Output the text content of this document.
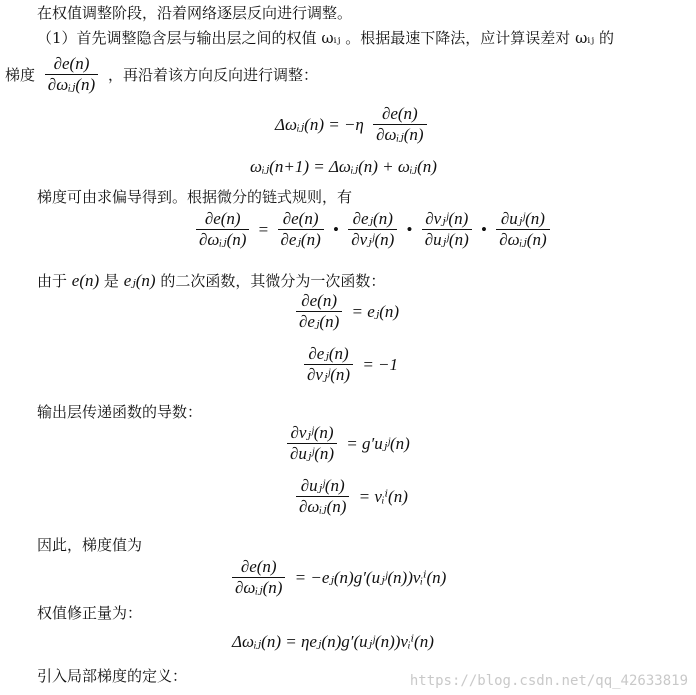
在权值调整阶段，沿着网络逐层反向进行调整。
（1）首先调整隐含层与输出层之间的权值 ωᵢⱼ 。根据最速下降法，应计算误差对 ωᵢⱼ 的
梯度 $\frac{\partial e(n)}{\text{∂ωᵢⱼ(n)}}$ ，再沿着该方向反向进行调整：
Δωᵢⱼ(n) = $-\eta \frac{\partial e(n)}{\text{∂ωᵢⱼ(n)}}$
ωᵢⱼ(n+1) = Δωᵢⱼ(n) + ωᵢⱼ(n)
梯度可由求偏导得到。根据微分的链式规则，有
$\frac{\partial e(n)}{\text{∂ωᵢⱼ(n)}} = \frac{\partial e(n)}{\text{∂eⱼ(n)}}$ • $\frac{\text{∂eⱼ(n)}}{\text{∂vⱼʲ(n)}}$ • $\frac{\text{∂vⱼʲ(n)}}{\text{∂uⱼʲ(n)}}$ • $\frac{\text{∂uⱼʲ(n)}}{\text{∂ωᵢⱼ(n)}}$
由于 e(n) 是 eⱼ(n) 的二次函数，其微分为一次函数：
$\frac{\partial e(n)}{\text{∂eⱼ(n)}}$ = eⱼ(n)
$\frac{\text{∂eⱼ(n)}}{\text{∂vⱼʲ(n)}} = -1$
输出层传递函数的导数：
$\frac{\text{∂vⱼʲ(n)}}{\text{∂uⱼʲ(n)}}$ = g′uⱼʲ(n)
$\frac{\text{∂uⱼʲ(n)}}{\text{∂ωᵢⱼ(n)}}$ = vᵢⁱ(n)
因此，梯度值为
$\frac{\partial e(n)}{\text{∂ωᵢⱼ(n)}}$ = −eⱼ(n)g′(uⱼʲ(n))vᵢⁱ(n)
权值修正量为：
Δωᵢⱼ(n) = ηeⱼ(n)g′(uⱼʲ(n))vᵢⁱ(n)
引入局部梯度的定义：	https://blog.csdn.net/qq_42633819
